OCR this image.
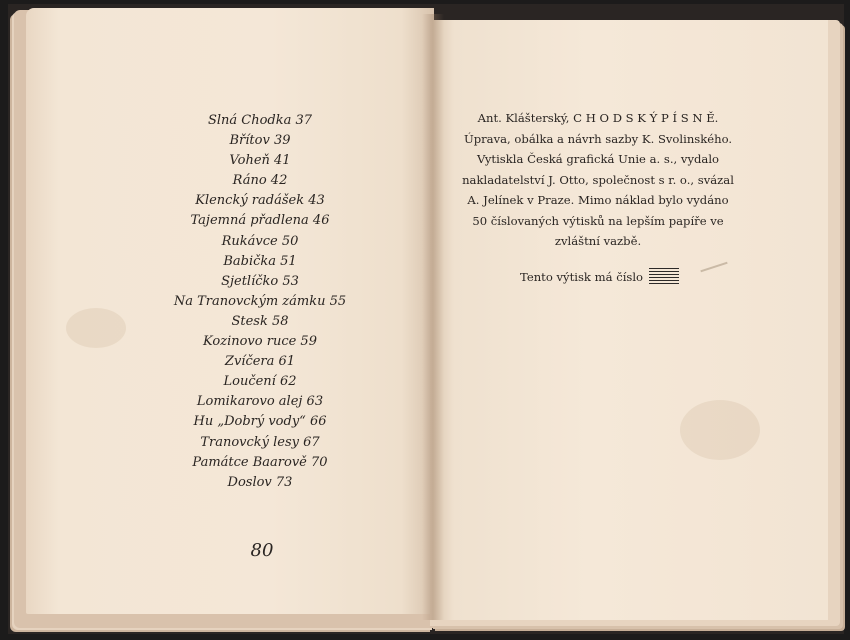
Slná Chodka 37
Břítov 39
Voheň 41
Ráno 42
Klencký radášek 43
Tajemná přadlena 46
Rukávce 50
Babička 51
Sjetlíčko 53
Na Tranovckým zámku 55
Stesk 58
Kozinovo ruce 59
Zvíčera 61
Loučení 62
Lomikarovo alej 63
Hu „Dobrý vody“ 66
Tranovcký lesy 67
Památce Baarově 70
Doslov 73
80

Ant. Klášterský, C H O D S K Ý P Í S N Ě.
Úprava, obálka a návrh sazby K. Svolinského.
Vytiskla Česká grafická Unie a. s., vydalo
nakladatelství J. Otto, společnost s r. o., svázal
A. Jelínek v Praze. Mimo náklad bylo vydáno
50 číslovaných výtisků na lepším papíře ve
zvláštní vazbě.

Tento výtisk má číslo
